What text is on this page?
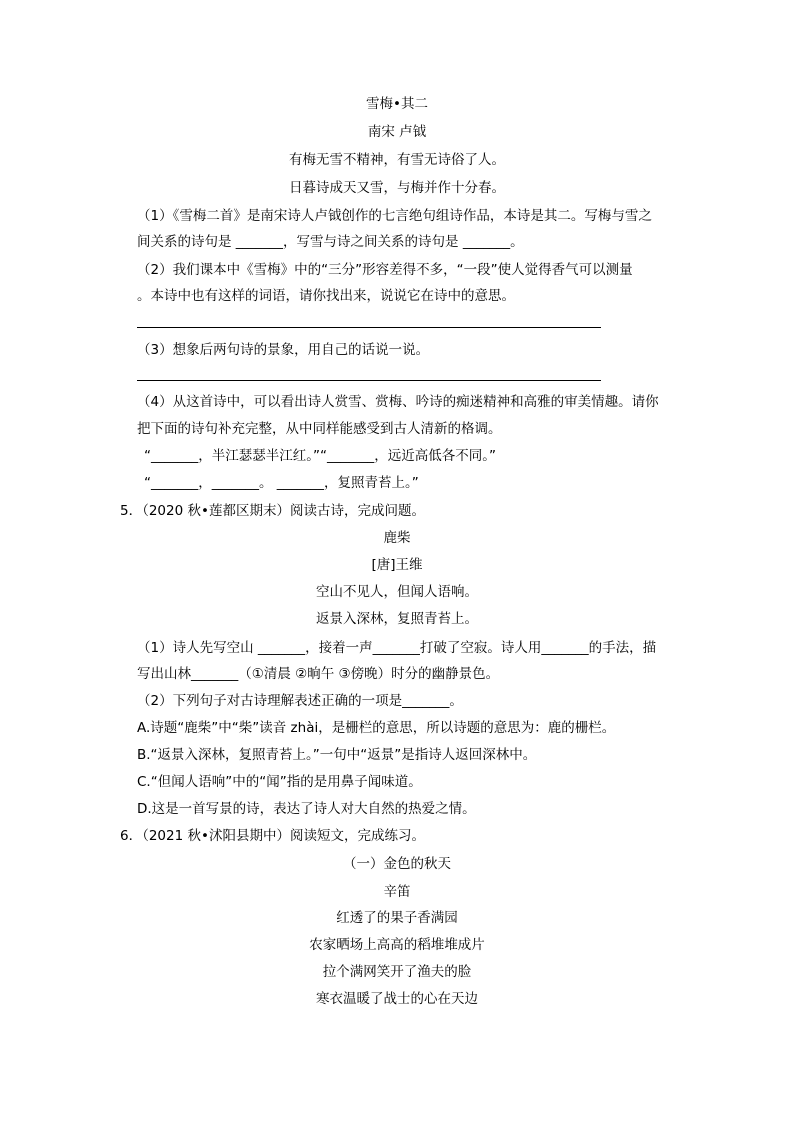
雪梅•其二
南宋 卢钺
有梅无雪不精神，有雪无诗俗了人。
日暮诗成天又雪，与梅并作十分春。
（1）《雪梅二首》是南宋诗人卢钺创作的七言绝句组诗作品，本诗是其二。写梅与雪之
间关系的诗句是 _______，写雪与诗之间关系的诗句是 _______。
（2）我们课本中《雪梅》中的“三分”形容差得不多，“一段”使人觉得香气可以测量
。本诗中也有这样的词语，请你找出来，说说它在诗中的意思。
（3）想象后两句诗的景象，用自己的话说一说。
（4）从这首诗中，可以看出诗人赏雪、赏梅、吟诗的痴迷精神和高雅的审美情趣。请你
把下面的诗句补充完整，从中同样能感受到古人清新的格调。
“_______，半江瑟瑟半江红。”“_______，远近高低各不同。”
“_______，_______。 _______，复照青苔上。”
5．（2020 秋•莲都区期末）阅读古诗，完成问题。
鹿柴
[唐]王维
空山不见人，但闻人语响。
返景入深林，复照青苔上。
（1）诗人先写空山 _______，接着一声_______打破了空寂。诗人用_______的手法，描
写出山林_______（①清晨 ②晌午 ③傍晚）时分的幽静景色。
（2）下列句子对古诗理解表述正确的一项是_______。
A.诗题“鹿柴”中“柴”读音 zhài，是栅栏的意思，所以诗题的意思为：鹿的栅栏。
B.“返景入深林，复照青苔上。”一句中“返景”是指诗人返回深林中。
C.“但闻人语响”中的“闻”指的是用鼻子闻味道。
D.这是一首写景的诗，表达了诗人对大自然的热爱之情。
6．（2021 秋•沭阳县期中）阅读短文，完成练习。
（一）金色的秋天
辛笛
红透了的果子香满园
农家晒场上高高的稻堆堆成片
拉个满网笑开了渔夫的脸
寒衣温暖了战士的心在天边
